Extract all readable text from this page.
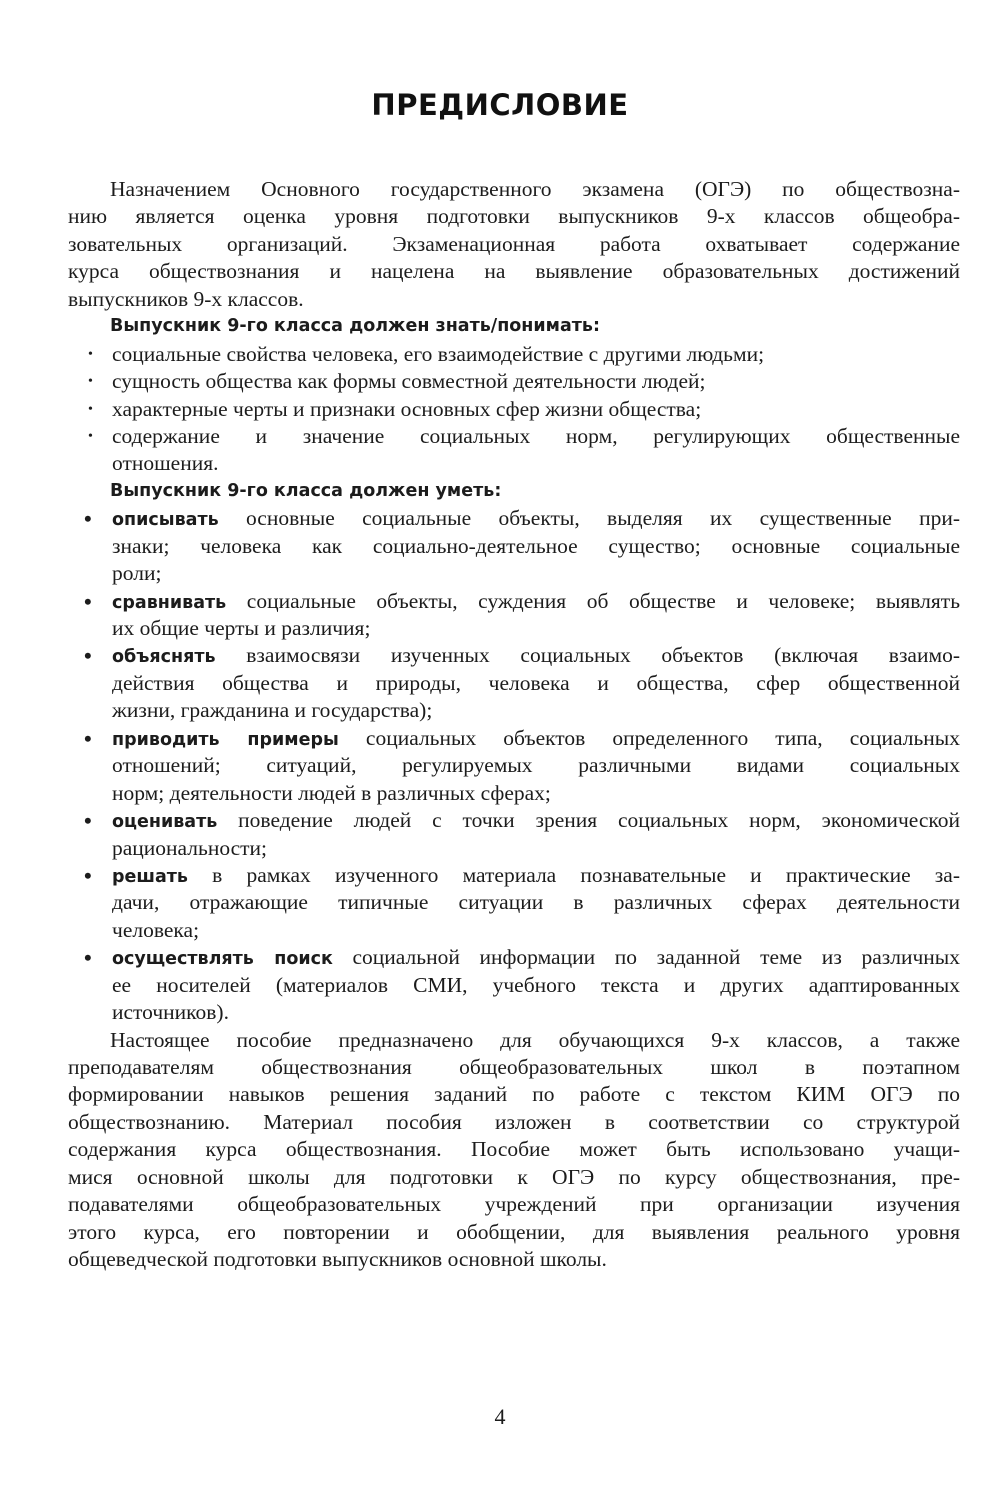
ПРЕДИСЛОВИЕ
Назначением Основного государственного экзамена (ОГЭ) по обществозна-
нию является оценка уровня подготовки выпускников 9-х классов общеобра-
зовательных организаций. Экзаменационная работа охватывает содержание
курса обществознания и нацелена на выявление образовательных достижений
выпускников 9-х классов.
Выпускник 9-го класса должен знать/понимать:
• социальные свойства человека, его взаимодействие с другими людьми;
• сущность общества как формы совместной деятельности людей;
• характерные черты и признаки основных сфер жизни общества;
• содержание и значение социальных норм, регулирующих общественные
отношения.
Выпускник 9-го класса должен уметь:
• описывать основные социальные объекты, выделяя их существенные при-
знаки; человека как социально-деятельное существо; основные социальные
роли;
• сравнивать социальные объекты, суждения об обществе и человеке; выявлять
их общие черты и различия;
• объяснять взаимосвязи изученных социальных объектов (включая взаимо-
действия общества и природы, человека и общества, сфер общественной
жизни, гражданина и государства);
• приводить примеры социальных объектов определенного типа, социальных
отношений; ситуаций, регулируемых различными видами социальных
норм; деятельности людей в различных сферах;
• оценивать поведение людей с точки зрения социальных норм, экономической
рациональности;
• решать в рамках изученного материала познавательные и практические за-
дачи, отражающие типичные ситуации в различных сферах деятельности
человека;
• осуществлять поиск социальной информации по заданной теме из различных
ее носителей (материалов СМИ, учебного текста и других адаптированных
источников).
Настоящее пособие предназначено для обучающихся 9-х классов, а также
преподавателям обществознания общеобразовательных школ в поэтапном
формировании навыков решения заданий по работе с текстом КИМ ОГЭ по
обществознанию. Материал пособия изложен в соответствии со структурой
содержания курса обществознания. Пособие может быть использовано учащи-
мися основной школы для подготовки к ОГЭ по курсу обществознания, пре-
подавателями общеобразовательных учреждений при организации изучения
этого курса, его повторении и обобщении, для выявления реального уровня
общеведческой подготовки выпускников основной школы.
4
